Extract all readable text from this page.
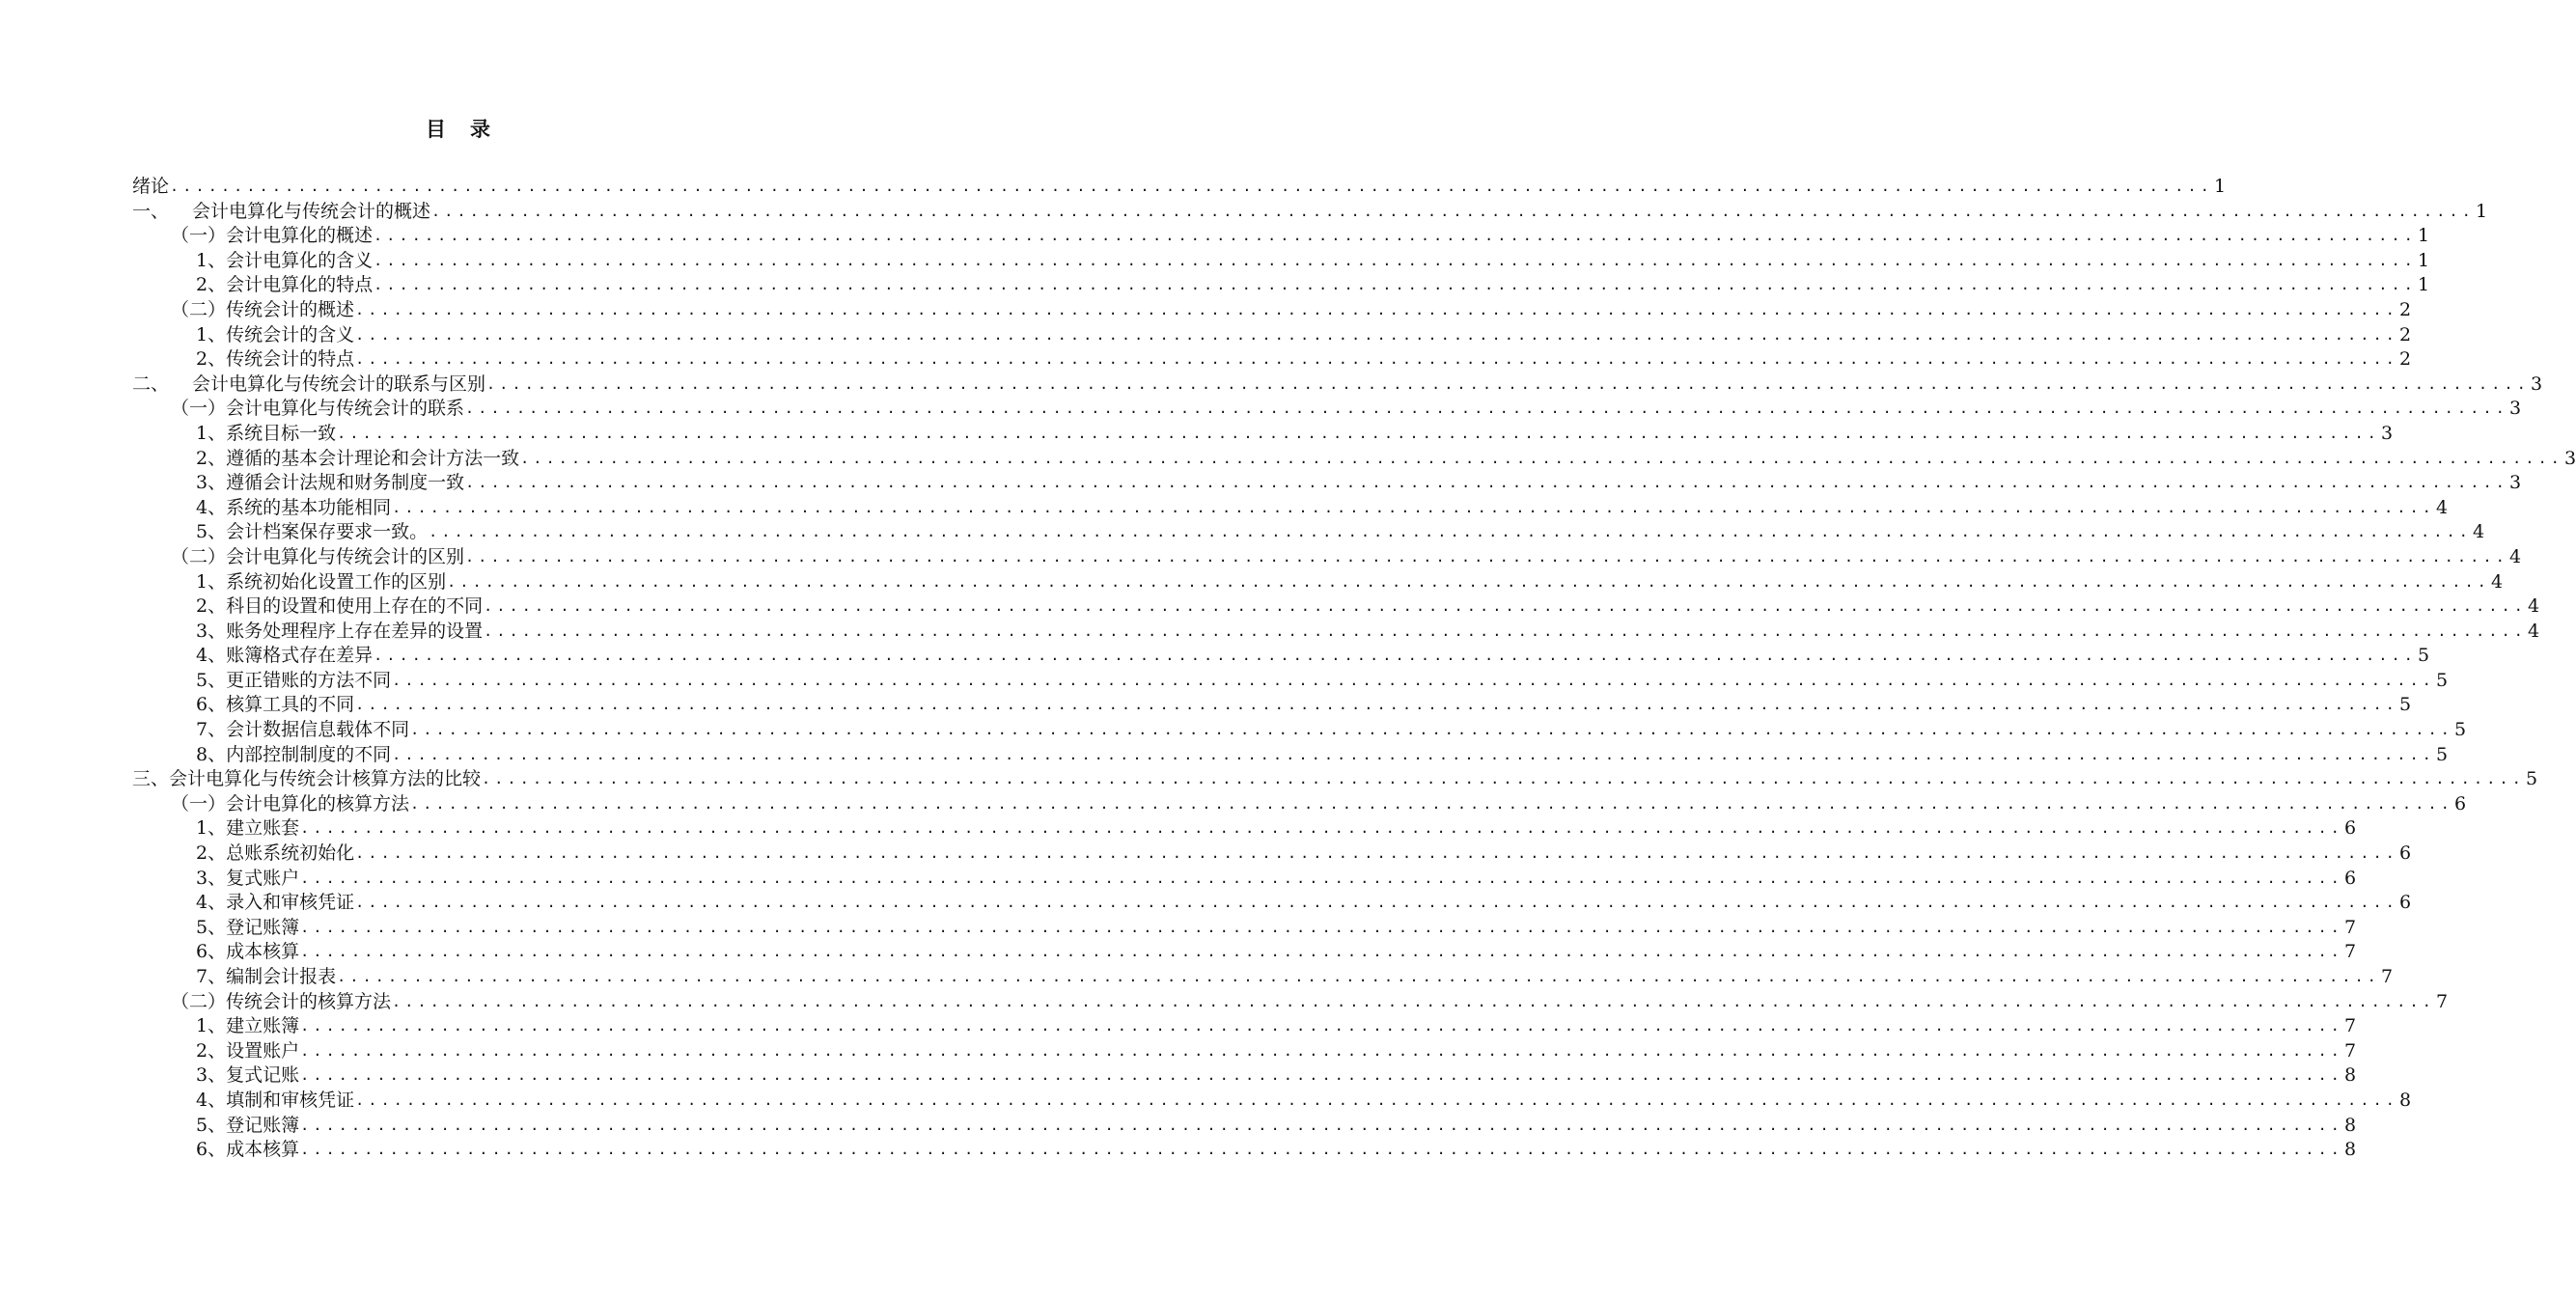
目 录
绪论 ................................................................................................................................................................ 1
一、	会计电算化与传统会计的概述 ................................................................................................................................................................ 1
（一） 会计电算化的概述 ................................................................................................................................................................ 1
1、 会计电算化的含义 ................................................................................................................................................................ 1
2、 会计电算化的特点 ................................................................................................................................................................ 1
（二） 传统会计的概述 ................................................................................................................................................................ 2
1、 传统会计的含义 ................................................................................................................................................................ 2
2、 传统会计的特点 ................................................................................................................................................................ 2
二、	会计电算化与传统会计的联系与区别 ................................................................................................................................................................ 3
（一） 会计电算化与传统会计的联系 ................................................................................................................................................................ 3
1、 系统目标一致 ................................................................................................................................................................ 3
2、 遵循的基本会计理论和会计方法一致 ................................................................................................................................................................ 3
3、 遵循会计法规和财务制度一致 ................................................................................................................................................................ 3
4、 系统的基本功能相同 ................................................................................................................................................................ 4
5、 会计档案保存要求一致。 ................................................................................................................................................................ 4
（二） 会计电算化与传统会计的区别 ................................................................................................................................................................ 4
1、 系统初始化设置工作的区别 ................................................................................................................................................................ 4
2、 科目的设置和使用上存在的不同 ................................................................................................................................................................ 4
3、 账务处理程序上存在差异的设置 ................................................................................................................................................................ 4
4、 账簿格式存在差异 ................................................................................................................................................................ 5
5、 更正错账的方法不同 ................................................................................................................................................................ 5
6、 核算工具的不同 ................................................................................................................................................................ 5
7、 会计数据信息载体不同 ................................................................................................................................................................ 5
8、 内部控制制度的不同 ................................................................................................................................................................ 5
三、 会计电算化与传统会计核算方法的比较 ................................................................................................................................................................ 5
（一） 会计电算化的核算方法 ................................................................................................................................................................ 6
1、 建立账套 ................................................................................................................................................................ 6
2、 总账系统初始化 ................................................................................................................................................................ 6
3、 复式账户 ................................................................................................................................................................ 6
4、 录入和审核凭证 ................................................................................................................................................................ 6
5、 登记账簿 ................................................................................................................................................................ 7
6、 成本核算 ................................................................................................................................................................ 7
7、 编制会计报表 ................................................................................................................................................................ 7
（二） 传统会计的核算方法 ................................................................................................................................................................ 7
1、 建立账簿 ................................................................................................................................................................ 7
2、 设置账户 ................................................................................................................................................................ 7
3、 复式记账 ................................................................................................................................................................ 8
4、 填制和审核凭证 ................................................................................................................................................................ 8
5、 登记账簿 ................................................................................................................................................................ 8
6、 成本核算 ................................................................................................................................................................ 8
